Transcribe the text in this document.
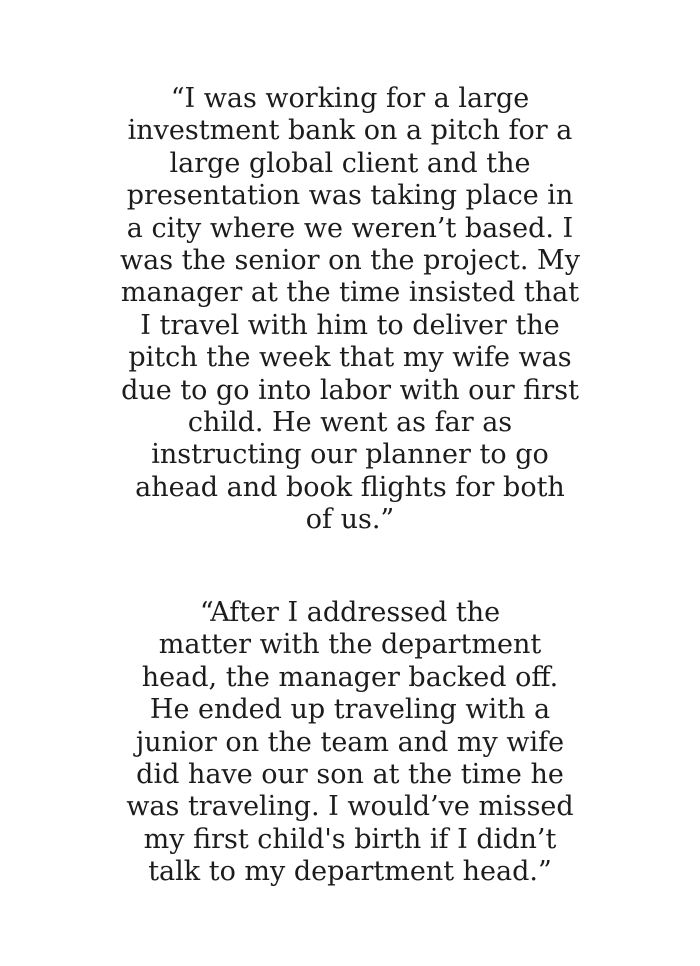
“I was working for a large
investment bank on a pitch for a
large global client and the
presentation was taking place in
a city where we weren’t based. I
was the senior on the project. My
manager at the time insisted that
I travel with him to deliver the
pitch the week that my wife was
due to go into labor with our first
child. He went as far as
instructing our planner to go
ahead and book flights for both
of us.”

“After I addressed the
matter with the department
head, the manager backed off.
He ended up traveling with a
junior on the team and my wife
did have our son at the time he
was traveling. I would’ve missed
my first child's birth if I didn’t
talk to my department head.”
